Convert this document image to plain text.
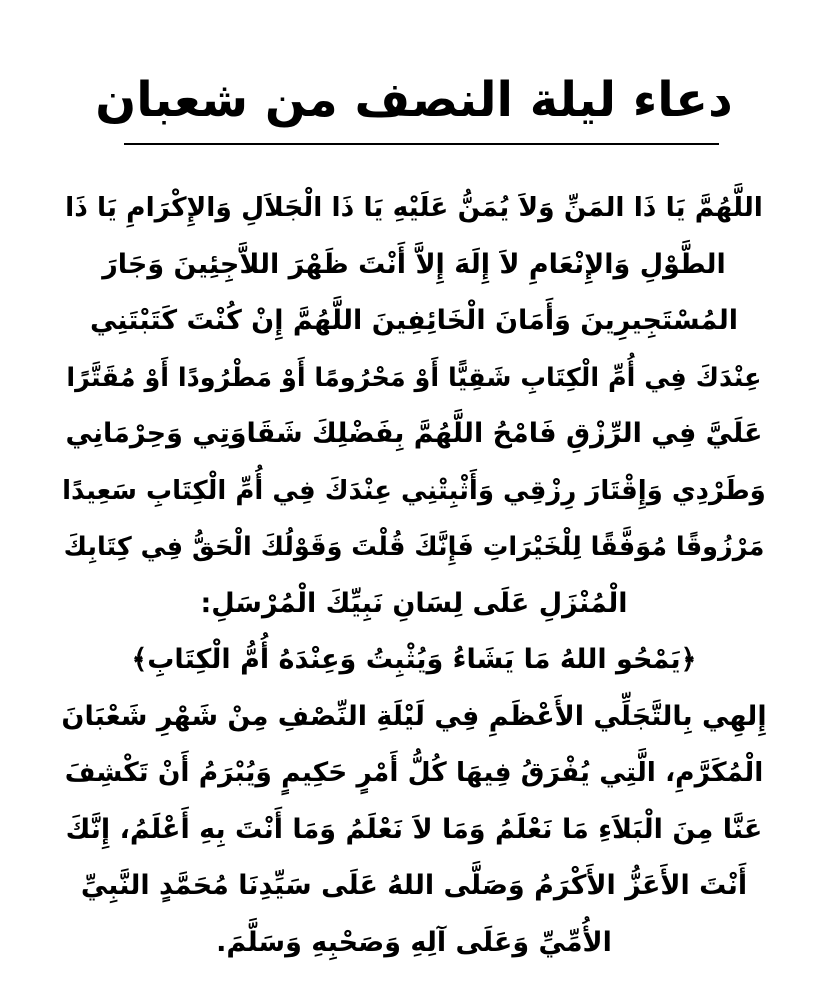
دعاء ليلة النصف من شعبان
اللَّهُمَّ يَا ذَا المَنِّ وَلاَ يُمَنُّ عَلَيْهِ يَا ذَا الْجَلاَلِ وَالإِكْرَامِ يَا ذَا
الطَّوْلِ وَالإِنْعَامِ لاَ إِلَهَ إِلاَّ أَنْتَ ظَهْرَ اللاَّجِئِينَ وَجَارَ
المُسْتَجِيرِينَ وَأَمَانَ الْخَائِفِينَ اللَّهُمَّ إِنْ كُنْتَ كَتَبْتَنِي
عِنْدَكَ فِي أُمِّ الْكِتَابِ شَقِيًّا أَوْ مَحْرُومًا أَوْ مَطْرُودًا أَوْ مُقَتَّرًا
عَلَيَّ فِي الرِّزْقِ فَامْحُ اللَّهُمَّ بِفَضْلِكَ شَقَاوَتِي وَحِرْمَانِي
وَطَرْدِي وَإِقْتَارَ رِزْقِي وَأَثْبِتْنِي عِنْدَكَ فِي أُمِّ الْكِتَابِ سَعِيدًا
مَرْزُوقًا مُوَفَّقًا لِلْخَيْرَاتِ فَإِنَّكَ قُلْتَ وَقَوْلُكَ الْحَقُّ فِي كِتَابِكَ
الْمُنْزَلِ عَلَى لِسَانِ نَبِيِّكَ الْمُرْسَلِ:
﴿يَمْحُو اللهُ مَا يَشَاءُ وَيُثْبِتُ وَعِنْدَهُ أُمُّ الْكِتَابِ﴾
إِلهِي بِالتَّجَلِّي الأَعْظَمِ فِي لَيْلَةِ النِّصْفِ مِنْ شَهْرِ شَعْبَانَ
الْمُكَرَّمِ، الَّتِي يُفْرَقُ فِيهَا كُلُّ أَمْرٍ حَكِيمٍ وَيُبْرَمُ أَنْ تَكْشِفَ
عَنَّا مِنَ الْبَلاَءِ مَا نَعْلَمُ وَمَا لاَ نَعْلَمُ وَمَا أَنْتَ بِهِ أَعْلَمُ، إِنَّكَ
أَنْتَ الأَعَزُّ الأَكْرَمُ وَصَلَّى اللهُ عَلَى سَيِّدِنَا مُحَمَّدٍ النَّبِيِّ
الأُمِّيِّ وَعَلَى آلِهِ وَصَحْبِهِ وَسَلَّمَ.
